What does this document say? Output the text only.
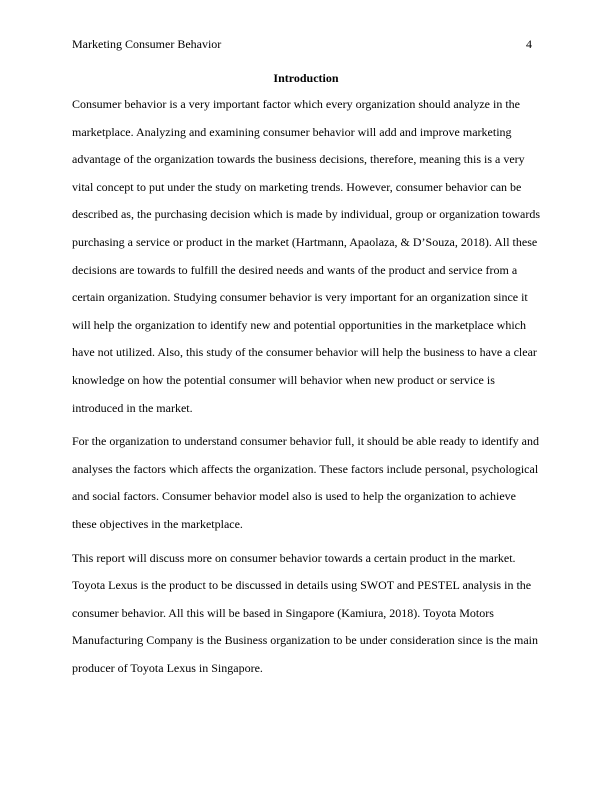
Marketing Consumer Behavior	4
Introduction

Consumer behavior is a very important factor which every organization should analyze in the marketplace. Analyzing and examining consumer behavior will add and improve marketing advantage of the organization towards the business decisions, therefore, meaning this is a very vital concept to put under the study on marketing trends. However, consumer behavior can be described as, the purchasing decision which is made by individual, group or organization towards purchasing a service or product in the market (Hartmann, Apaolaza, & D’Souza, 2018). All these decisions are towards to fulfill the desired needs and wants of the product and service from a certain organization. Studying consumer behavior is very important for an organization since it will help the organization to identify new and potential opportunities in the marketplace which have not utilized. Also, this study of the consumer behavior will help the business to have a clear knowledge on how the potential consumer will behavior when new product or service is introduced in the market.

For the organization to understand consumer behavior full, it should be able ready to identify and analyses the factors which affects the organization. These factors include personal, psychological and social factors. Consumer behavior model also is used to help the organization to achieve these objectives in the marketplace.

This report will discuss more on consumer behavior towards a certain product in the market. Toyota Lexus is the product to be discussed in details using SWOT and PESTEL analysis in the consumer behavior. All this will be based in Singapore (Kamiura, 2018). Toyota Motors Manufacturing Company is the Business organization to be under consideration since is the main producer of Toyota Lexus in Singapore.
